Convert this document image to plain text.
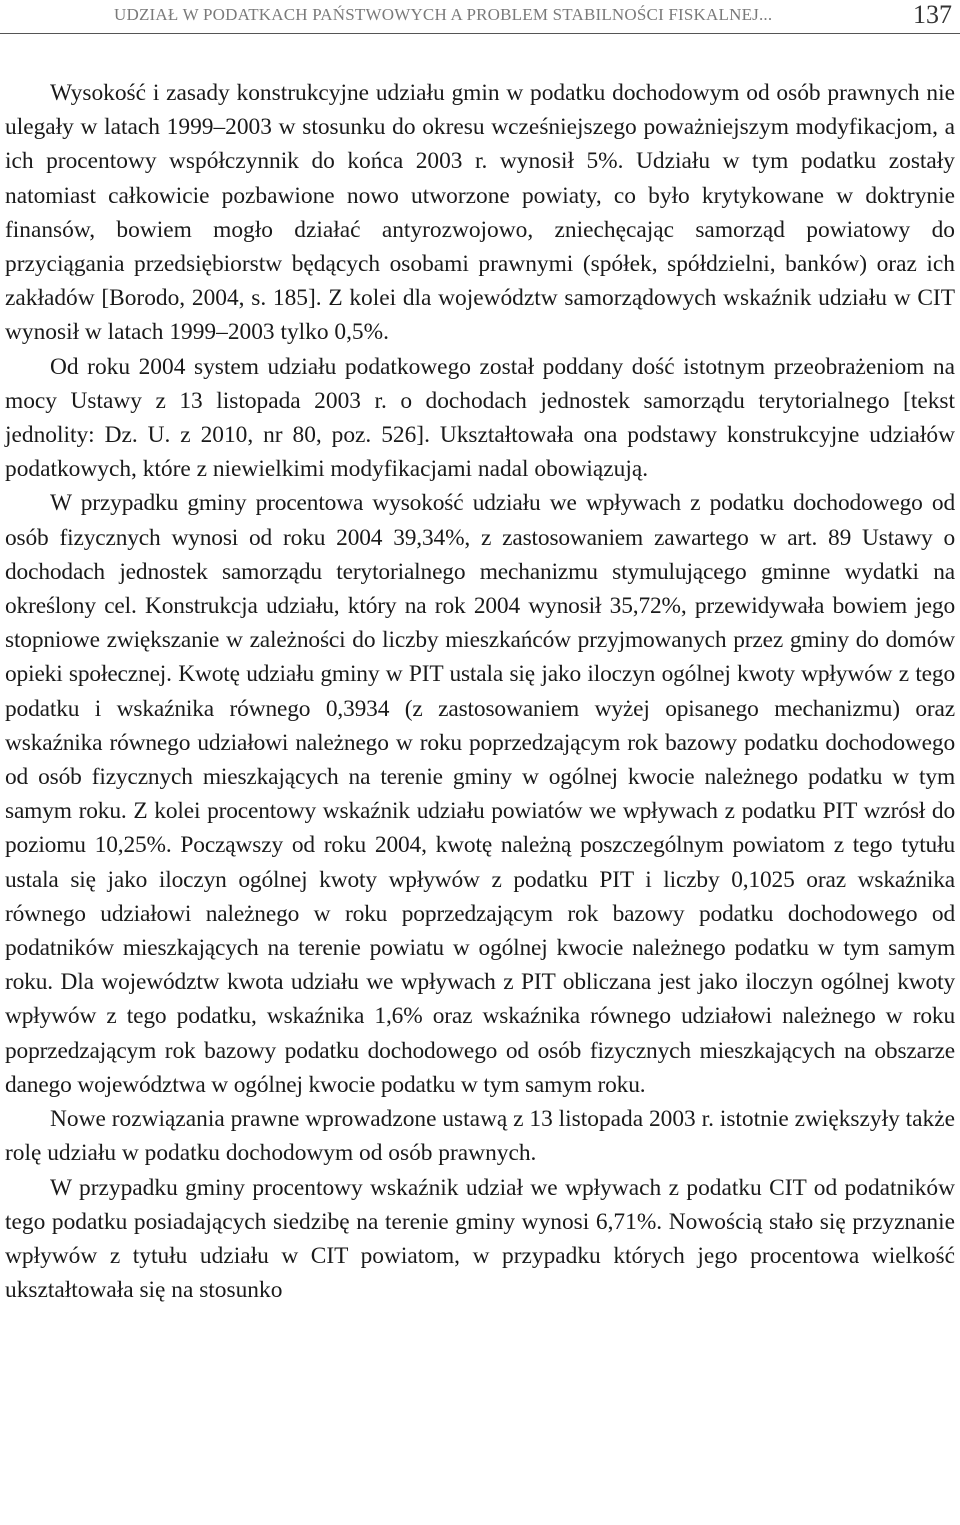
UDZIAŁ W PODATKACH PAŃSTWOWYCH A PROBLEM STABILNOŚCI FISKALNEJ...	137

Wysokość i zasady konstrukcyjne udziału gmin w podatku dochodowym od osób prawnych nie ulegały w latach 1999–2003 w stosunku do okresu wcześniejszego poważniejszym modyfikacjom, a ich procentowy współczynnik do końca 2003 r. wynosił 5%. Udziału w tym podatku zostały natomiast całkowicie pozbawione nowo utworzone powiaty, co było krytykowane w doktrynie finansów, bowiem mogło działać antyrozwojowo, zniechęcając samorząd powiatowy do przyciągania przedsiębiorstw będących osobami prawnymi (spółek, spółdzielni, banków) oraz ich zakładów [Borodo, 2004, s. 185]. Z kolei dla województw samorządowych wskaźnik udziału w CIT wynosił w latach 1999–2003 tylko 0,5%.

Od roku 2004 system udziału podatkowego został poddany dość istotnym przeobrażeniom na mocy Ustawy z 13 listopada 2003 r. o dochodach jednostek samorządu terytorialnego [tekst jednolity: Dz. U. z 2010, nr 80, poz. 526]. Ukształtowała ona podstawy konstrukcyjne udziałów podatkowych, które z niewielkimi modyfikacjami nadal obowiązują.

W przypadku gminy procentowa wysokość udziału we wpływach z podatku dochodowego od osób fizycznych wynosi od roku 2004 39,34%, z zastosowaniem zawartego w art. 89 Ustawy o dochodach jednostek samorządu terytorialnego mechanizmu stymulującego gminne wydatki na określony cel. Konstrukcja udziału, który na rok 2004 wynosił 35,72%, przewidywała bowiem jego stopniowe zwiększanie w zależności do liczby mieszkańców przyjmowanych przez gminy do domów opieki społecznej. Kwotę udziału gminy w PIT ustala się jako iloczyn ogólnej kwoty wpływów z tego podatku i wskaźnika równego 0,3934 (z zastosowaniem wyżej opisanego mechanizmu) oraz wskaźnika równego udziałowi należnego w roku poprzedzającym rok bazowy podatku dochodowego od osób fizycznych mieszkających na terenie gminy w ogólnej kwocie należnego podatku w tym samym roku. Z kolei procentowy wskaźnik udziału powiatów we wpływach z podatku PIT wzrósł do poziomu 10,25%. Począwszy od roku 2004, kwotę należną poszczególnym powiatom z tego tytułu ustala się jako iloczyn ogólnej kwoty wpływów z podatku PIT i liczby 0,1025 oraz wskaźnika równego udziałowi należnego w roku poprzedzającym rok bazowy podatku dochodowego od podatników mieszkających na terenie powiatu w ogólnej kwocie należnego podatku w tym samym roku. Dla województw kwota udziału we wpływach z PIT obliczana jest jako iloczyn ogólnej kwoty wpływów z tego podatku, wskaźnika 1,6% oraz wskaźnika równego udziałowi należnego w roku poprzedzającym rok bazowy podatku dochodowego od osób fizycznych mieszkających na obszarze danego województwa w ogólnej kwocie podatku w tym samym roku.

Nowe rozwiązania prawne wprowadzone ustawą z 13 listopada 2003 r. istotnie zwiększyły także rolę udziału w podatku dochodowym od osób prawnych.

W przypadku gminy procentowy wskaźnik udział we wpływach z podatku CIT od podatników tego podatku posiadających siedzibę na terenie gminy wynosi 6,71%. Nowością stało się przyznanie wpływów z tytułu udziału w CIT powiatom, w przypadku których jego procentowa wielkość ukształtowała się na stosunko
